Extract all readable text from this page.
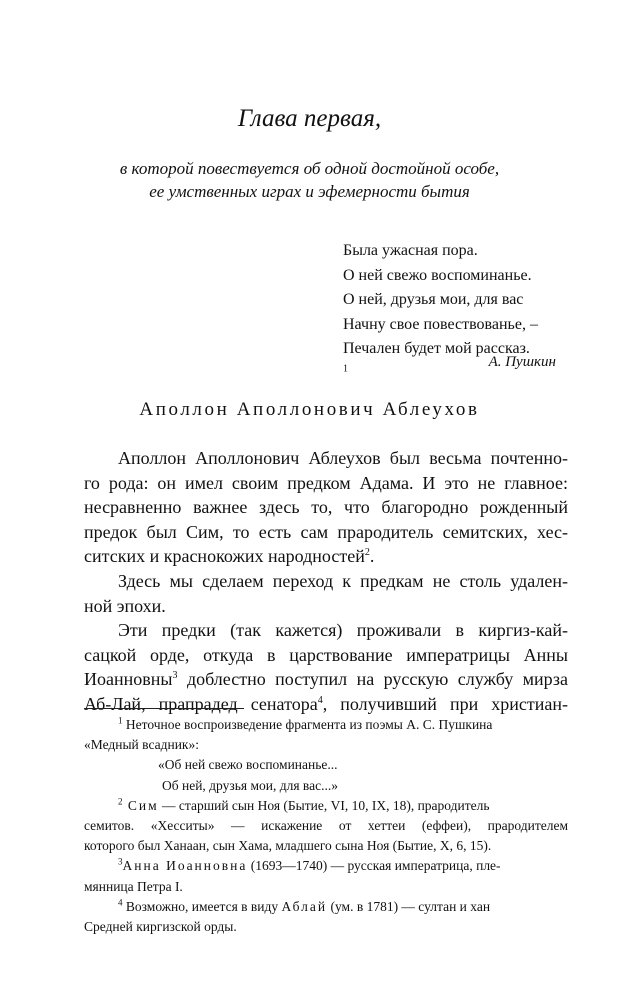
Глава первая,
в которой повествуется об одной достойной особе,
ее умственных играх и эфемерности бытия
Была ужасная пора.
О ней свежо воспоминанье.
О ней, друзья мои, для вас
Начну свое повествованье, –
Печален будет мой рассказ.
$^1$	А. Пушкин
Аполлон Аполлонович Аблеухов
Аполлон Аполлонович Аблеухов был весьма почтенно-
го рода: он имел своим предком Адама. И это не главное:
несравненно важнее здесь то, что благородно рожденный
предок был Сим, то есть сам прародитель семитских, хес-
ситских и краснокожих народностей$^2$.
Здесь мы сделаем переход к предкам не столь удален-
ной эпохи.
Эти предки (так кажется) проживали в киргиз-кай-
сацкой орде, откуда в царствование императрицы Анны
Иоанновны$^3$ доблестно поступил на русскую службу мирза
Аб-Лай, прапрадед сенатора$^4$, получивший при христиан-
$^1$ Неточное воспроизведение фрагмента из поэмы А. С. Пушкина
«Медный всадник»:
«Об ней свежо воспоминанье...
Об ней, друзья мои, для вас...»
$^2$ Сим — старший сын Ноя (Бытие, VI, 10, IX, 18), прародитель
семитов. «Хесситы» — искажение от хеттеи (еффеи), прародителем
которого был Ханаан, сын Хама, младшего сына Ноя (Бытие, X, 6, 15).
$^3$Анна Иоанновна (1693—1740) — русская императрица, пле-
мянница Петра I.
$^4$ Возможно, имеется в виду Аблай (ум. в 1781) — султан и хан
Средней киргизской орды.
